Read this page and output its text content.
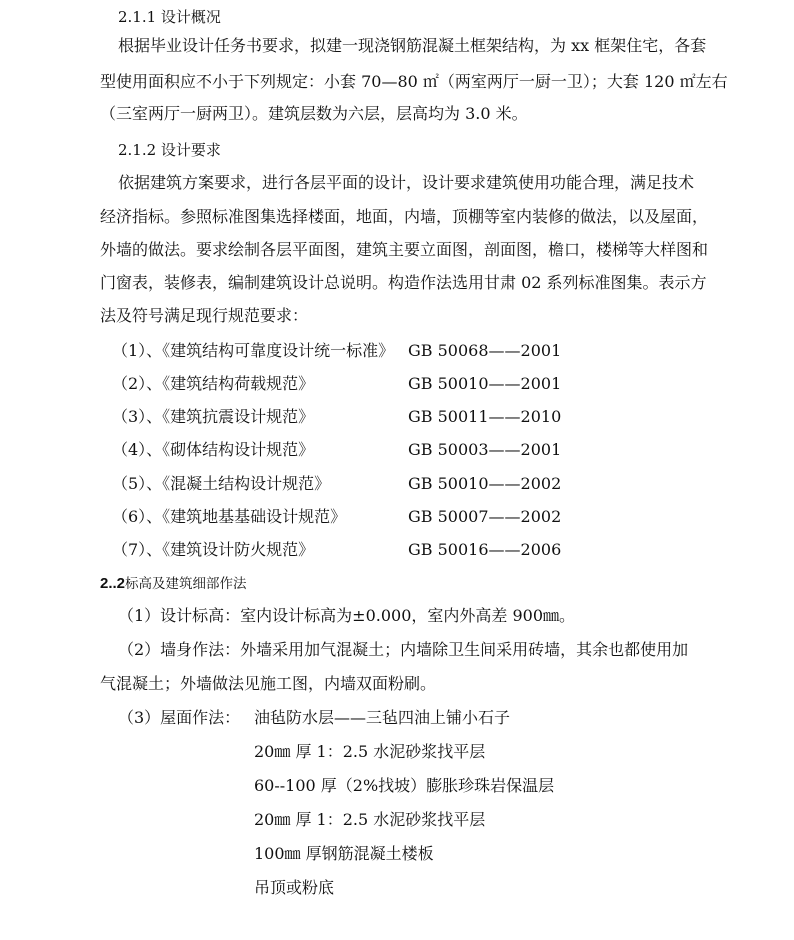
2.1.1 设计概况
根据毕业设计任务书要求，拟建一现浇钢筋混凝土框架结构，为 xx 框架住宅，各套
型使用面积应不小于下列规定：小套 70—80 ㎡（两室两厅一厨一卫）；大套 120 ㎡左右
（三室两厅一厨两卫）。建筑层数为六层，层高均为 3.0 米。
2.1.2 设计要求
依据建筑方案要求，进行各层平面的设计，设计要求建筑使用功能合理，满足技术
经济指标。参照标准图集选择楼面，地面，内墙，顶棚等室内装修的做法，以及屋面，
外墙的做法。要求绘制各层平面图，建筑主要立面图，剖面图，檐口，楼梯等大样图和
门窗表，装修表，编制建筑设计总说明。构造作法选用甘肃 02 系列标准图集。表示方
法及符号满足现行规范要求：
（1）、《建筑结构可靠度设计统一标准》 GB 50068——2001
（2）、《建筑结构荷载规范》	GB 50010——2001
（3）、《建筑抗震设计规范》	GB 50011——2010
（4）、《砌体结构设计规范》	GB 50003——2001
（5）、《混凝土结构设计规范》	GB 50010——2002
（6）、《建筑地基基础设计规范》	GB 50007——2002
（7）、《建筑设计防火规范》	GB 50016——2006
2..2标高及建筑细部作法
（1）设计标高：室内设计标高为±0.000，室内外高差 900㎜。
（2）墙身作法：外墙采用加气混凝土；内墙除卫生间采用砖墙，其余也都使用加
气混凝土；外墙做法见施工图，内墙双面粉刷。
（3）屋面作法： 油毡防水层——三毡四油上铺小石子
20㎜ 厚 1：2.5 水泥砂浆找平层
60--100 厚（2%找坡）膨胀珍珠岩保温层
20㎜ 厚 1：2.5 水泥砂浆找平层
100㎜ 厚钢筋混凝土楼板
吊顶或粉底
